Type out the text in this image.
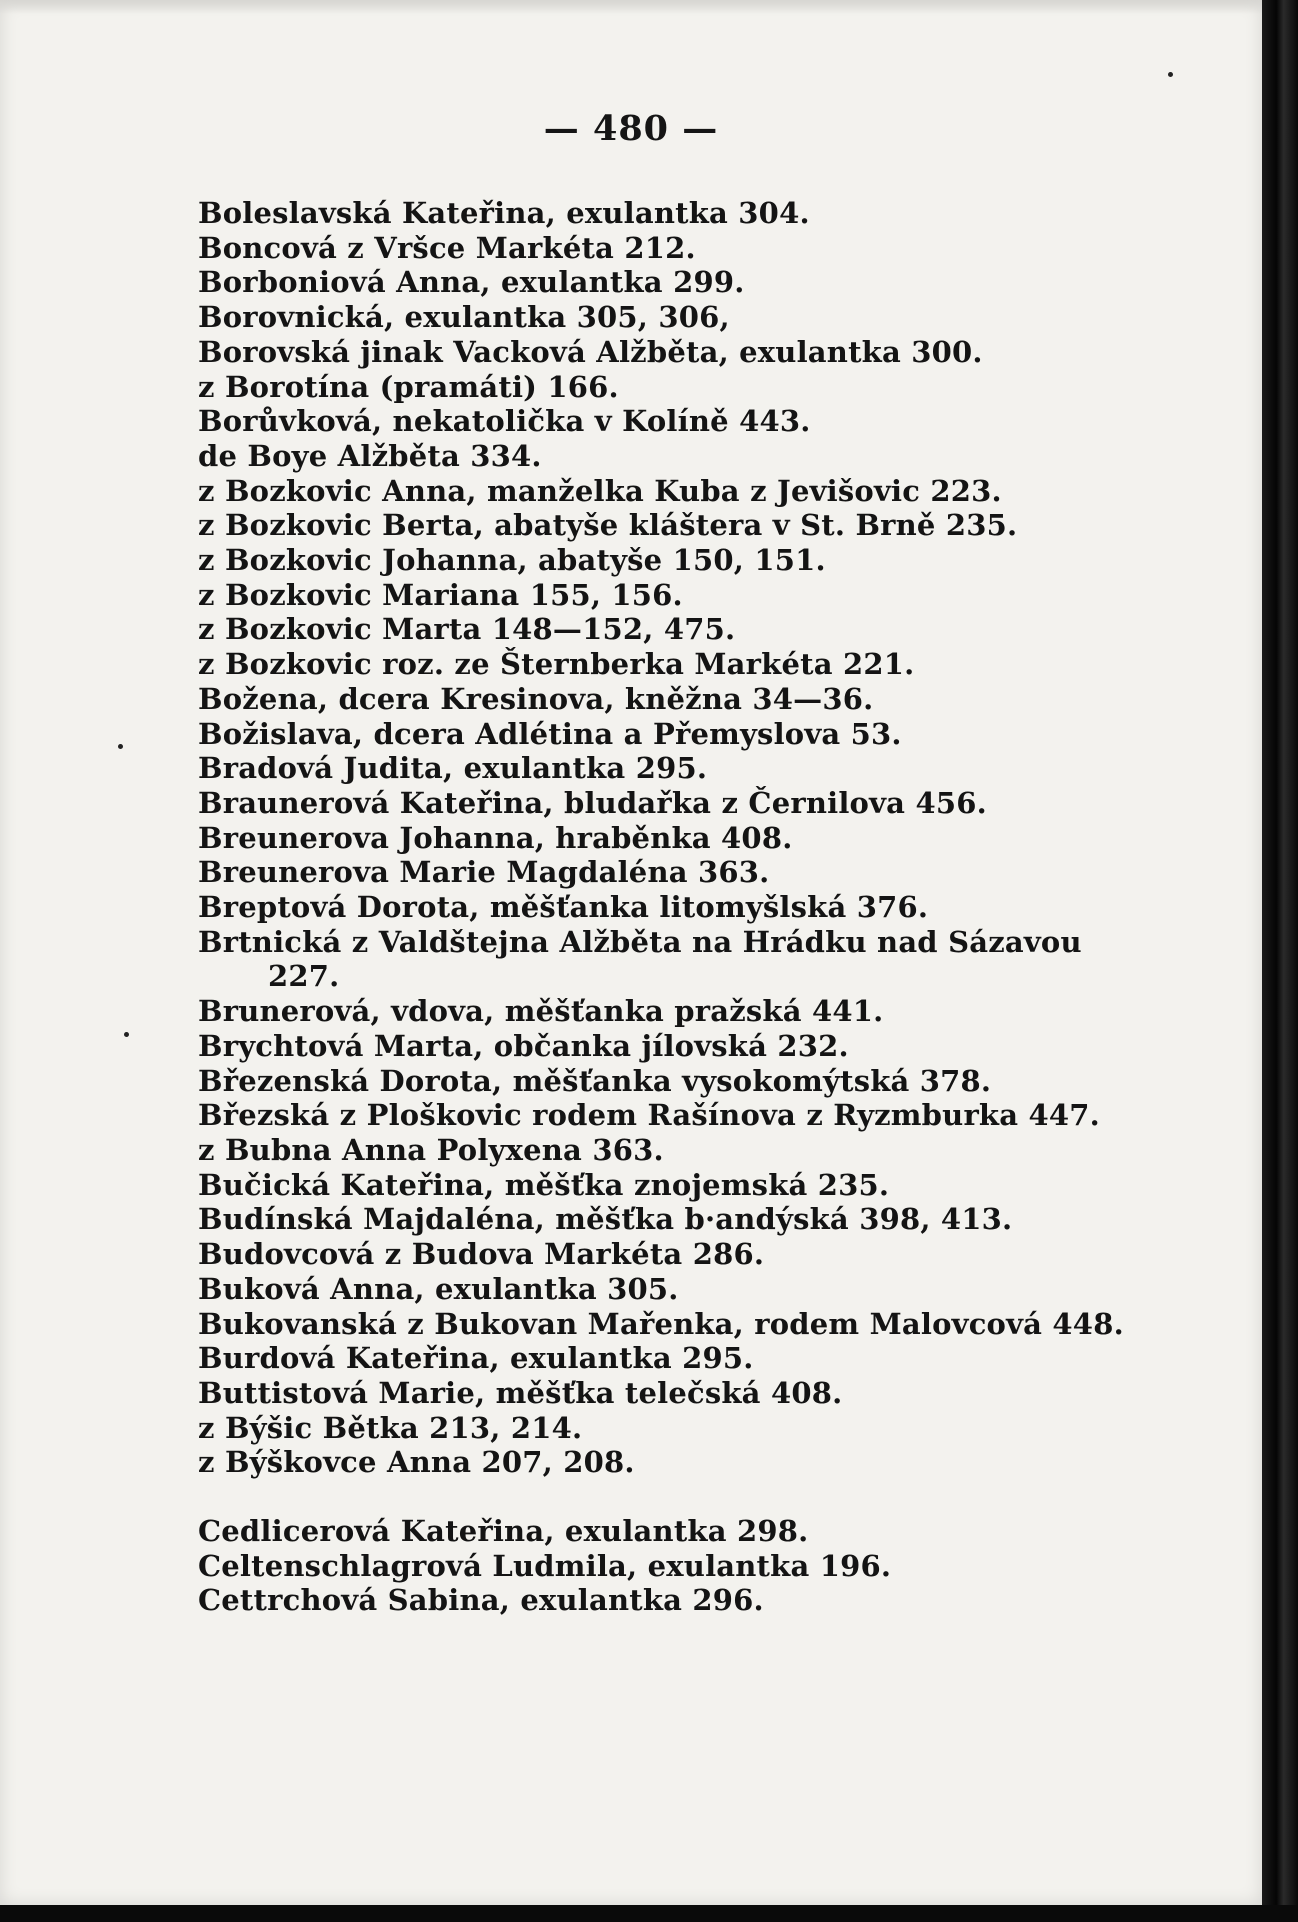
— 480 —
Boleslavská Kateřina, exulantka 304.
Boncová z Vršce Markéta 212.
Borboniová Anna, exulantka 299.
Borovnická, exulantka 305, 306,
Borovská jinak Vacková Alžběta, exulantka 300.
z Borotína (pramáti) 166.
Borůvková, nekatolička v Kolíně 443.
de Boye Alžběta 334.
z Bozkovic Anna, manželka Kuba z Jevišovic 223.
z Bozkovic Berta, abatyše kláštera v St. Brně 235.
z Bozkovic Johanna, abatyše 150, 151.
z Bozkovic Mariana 155, 156.
z Bozkovic Marta 148—152, 475.
z Bozkovic roz. ze Šternberka Markéta 221.
Božena, dcera Kresinova, kněžna 34—36.
Božislava, dcera Adlétina a Přemyslova 53.
Bradová Judita, exulantka 295.
Braunerová Kateřina, bludařka z Černilova 456.
Breunerova Johanna, hraběnka 408.
Breunerova Marie Magdaléna 363.
Breptová Dorota, měšťanka litomyšlská 376.
Brtnická z Valdštejna Alžběta na Hrádku nad Sázavou
227.
Brunerová, vdova, měšťanka pražská 441.
Brychtová Marta, občanka jílovská 232.
Březenská Dorota, měšťanka vysokomýtská 378.
Březská z Ploškovic rodem Rašínova z Ryzmburka 447.
z Bubna Anna Polyxena 363.
Bučická Kateřina, měšťka znojemská 235.
Budínská Majdaléna, měšťka b·andýská 398, 413.
Budovcová z Budova Markéta 286.
Buková Anna, exulantka 305.
Bukovanská z Bukovan Mařenka, rodem Malovcová 448.
Burdová Kateřina, exulantka 295.
Buttistová Marie, měšťka telečská 408.
z Býšic Bětka 213, 214.
z Býškovce Anna 207, 208.
Cedlicerová Kateřina, exulantka 298.
Celtenschlagrová Ludmila, exulantka 196.
Cettrchová Sabina, exulantka 296.
